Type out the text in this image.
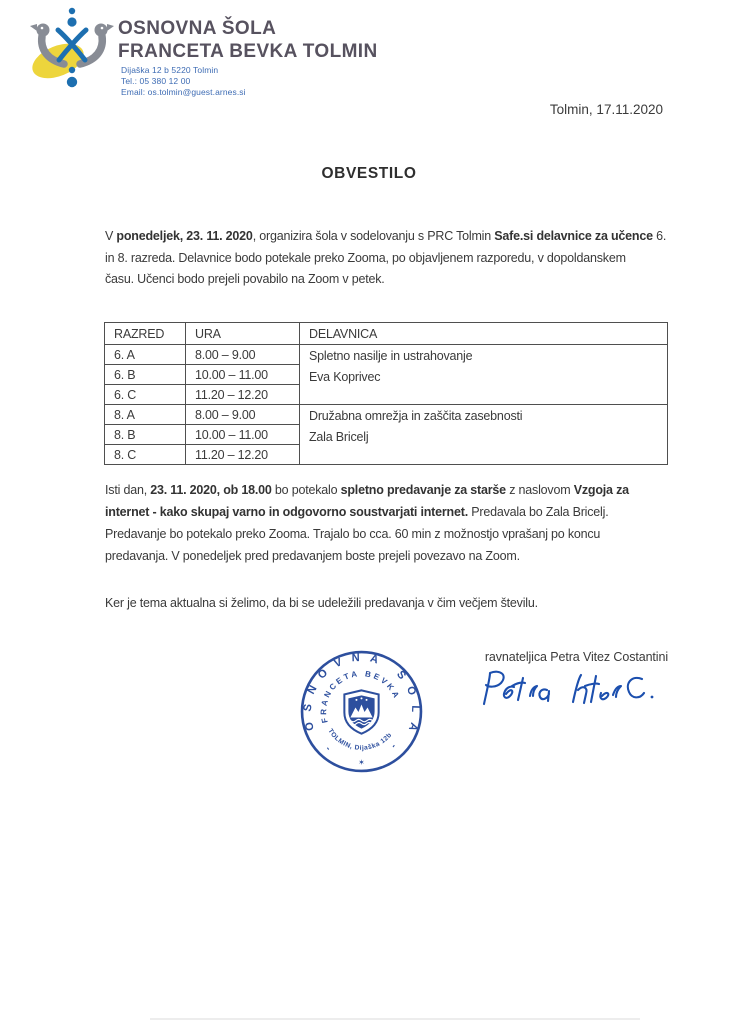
OSNOVNA ŠOLA
FRANCETA BEVKA TOLMIN
Dijaška 12 b 5220 Tolmin
Tel.: 05 380 12 00
Email: os.tolmin@guest.arnes.si
Tolmin, 17.11.2020
OBVESTILO
V ponedeljek, 23. 11. 2020, organizira šola v sodelovanju s PRC Tolmin Safe.si delavnice za učence 6.
in 8. razreda. Delavnice bodo potekale preko Zooma, po objavljenem razporedu, v dopoldanskem
času. Učenci bodo prejeli povabilo na Zoom v petek.
RAZRED	URA	DELAVNICA
6. A	8.00 – 9.00	Spletno nasilje in ustrahovanje
Eva Koprivec

6. B	10.00 – 11.00	
6. C	11.20 – 12.20	
8. A	8.00 – 9.00	Družabna omrežja in zaščita zasebnosti
Zala Bricelj

8. B	10.00 – 11.00	
8. C	11.20 – 12.20	
Isti dan, 23. 11. 2020, ob 18.00 bo potekalo spletno predavanje za starše z naslovom Vzgoja za
internet - kako skupaj varno in odgovorno soustvarjati internet. Predavala bo Zala Bricelj.
Predavanje bo potekalo preko Zooma. Trajalo bo cca. 60 min z možnostjo vprašanj po koncu
predavanja. V ponedeljek pred predavanjem boste prejeli povezavo na Zoom.
Ker je tema aktualna si želimo, da bi se udeležili predavanja v čim večjem številu.
ravnateljica Petra Vitez Costantini
OSNOVNA ŠOLA
FRANCETA BEVKA
TOLMIN, Dijaška 12b
✶
-	-
